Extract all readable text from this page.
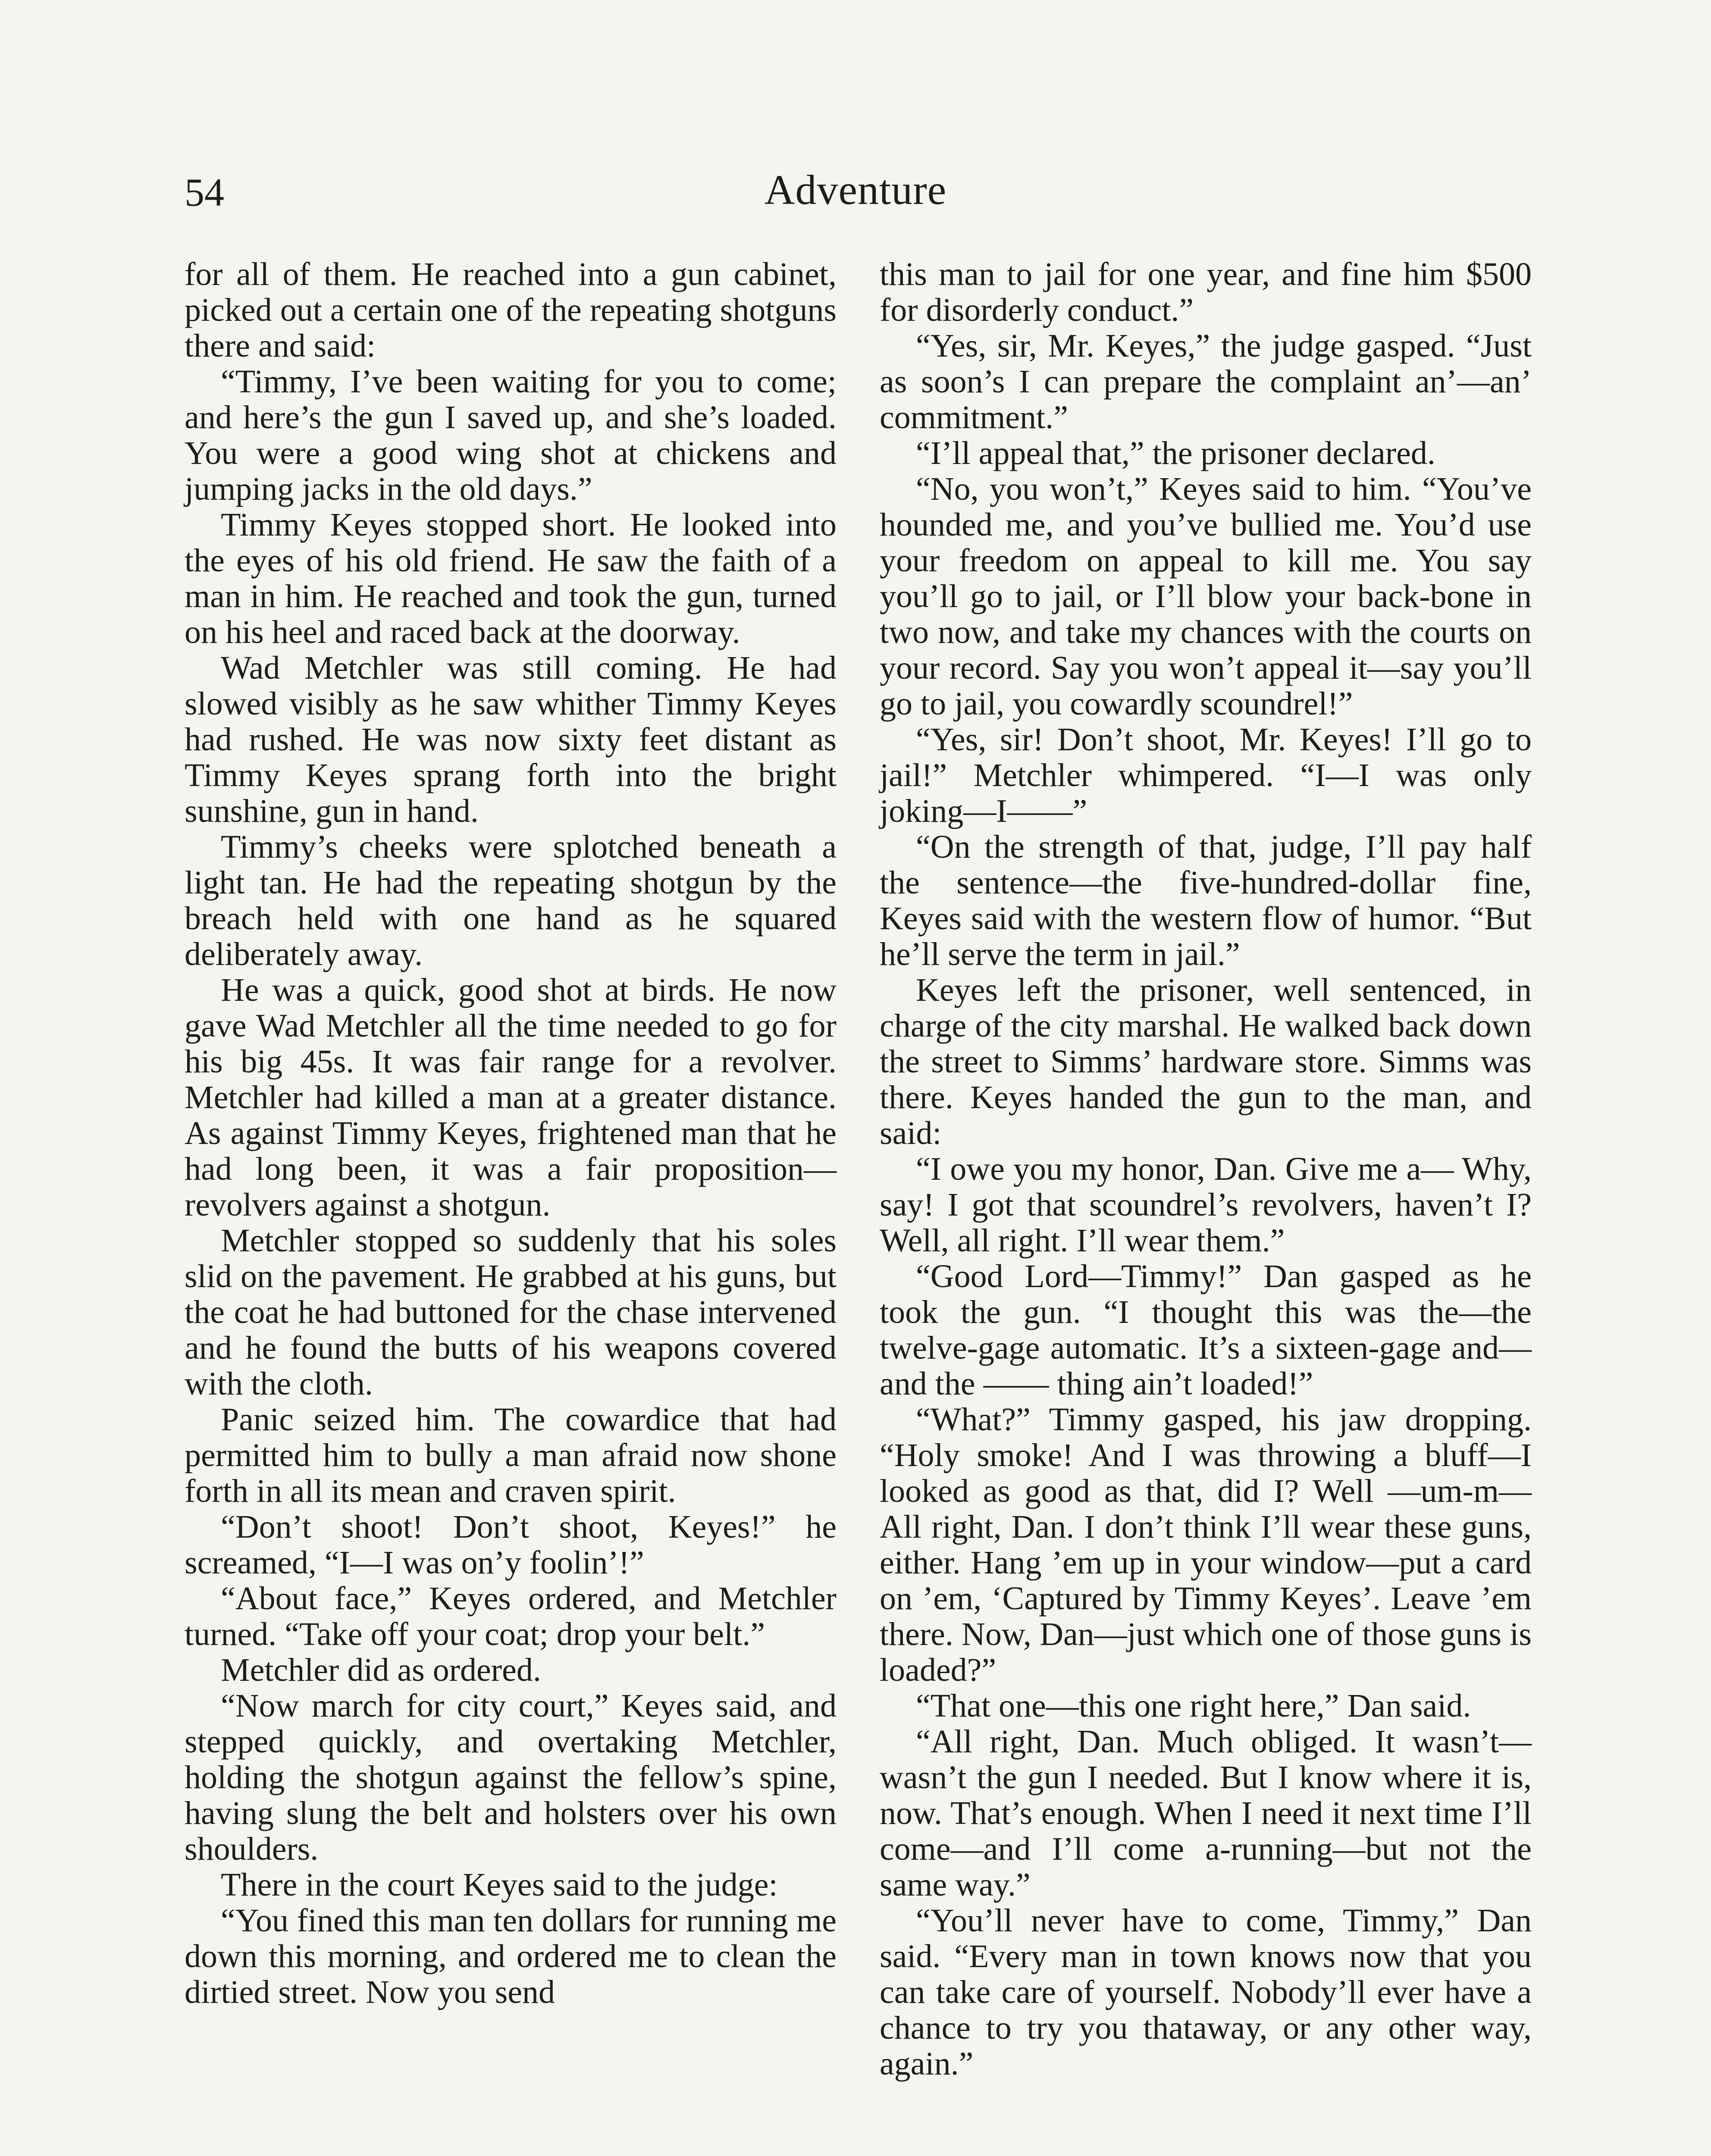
54	Adventure

for all of them. He reached into a gun cabinet, picked out a certain one of the repeating shotguns there and said:

“Timmy, I’ve been waiting for you to come; and here’s the gun I saved up, and she’s loaded. You were a good wing shot at chickens and jumping jacks in the old days.”

Timmy Keyes stopped short. He looked into the eyes of his old friend. He saw the faith of a man in him. He reached and took the gun, turned on his heel and raced back at the doorway.

Wad Metchler was still coming. He had slowed visibly as he saw whither Timmy Keyes had rushed. He was now sixty feet distant as Timmy Keyes sprang forth into the bright sunshine, gun in hand.

Timmy’s cheeks were splotched beneath a light tan. He had the repeating shotgun by the breach held with one hand as he squared deliberately away.

He was a quick, good shot at birds. He now gave Wad Metchler all the time needed to go for his big 45s. It was fair range for a revolver. Metchler had killed a man at a greater distance. As against Timmy Keyes, frightened man that he had long been, it was a fair proposition—revolvers against a shotgun.

Metchler stopped so suddenly that his soles slid on the pavement. He grabbed at his guns, but the coat he had buttoned for the chase intervened and he found the butts of his weapons covered with the cloth.

Panic seized him. The cowardice that had permitted him to bully a man afraid now shone forth in all its mean and craven spirit.

“Don’t shoot! Don’t shoot, Keyes!” he screamed, “I—I was on’y foolin’!”

“About face,” Keyes ordered, and Metchler turned. “Take off your coat; drop your belt.”

Metchler did as ordered.

“Now march for city court,” Keyes said, and stepped quickly, and overtaking Metchler, holding the shotgun against the fellow’s spine, having slung the belt and holsters over his own shoulders.

There in the court Keyes said to the judge:

“You fined this man ten dollars for running me down this morning, and ordered me to clean the dirtied street. Now you send

this man to jail for one year, and fine him $500 for disorderly conduct.”

“Yes, sir, Mr. Keyes,” the judge gasped. “Just as soon’s I can prepare the complaint an’—an’ commitment.”

“I’ll appeal that,” the prisoner declared.

“No, you won’t,” Keyes said to him. “You’ve hounded me, and you’ve bullied me. You’d use your freedom on appeal to kill me. You say you’ll go to jail, or I’ll blow your back-bone in two now, and take my chances with the courts on your record. Say you won’t appeal it—say you’ll go to jail, you cowardly scoundrel!”

“Yes, sir! Don’t shoot, Mr. Keyes! I’ll go to jail!” Metchler whimpered. “I—I was only joking—I——”

“On the strength of that, judge, I’ll pay half the sentence—the five-hundred-dollar fine, Keyes said with the western flow of humor. “But he’ll serve the term in jail.”

Keyes left the prisoner, well sentenced, in charge of the city marshal. He walked back down the street to Simms’ hardware store. Simms was there. Keyes handed the gun to the man, and said:

“I owe you my honor, Dan. Give me a— Why, say! I got that scoundrel’s revolvers, haven’t I? Well, all right. I’ll wear them.”

“Good Lord—Timmy!” Dan gasped as he took the gun. “I thought this was the—the twelve-gage automatic. It’s a sixteen-gage and—and the —— thing ain’t loaded!”

“What?” Timmy gasped, his jaw dropping. “Holy smoke! And I was throwing a bluff—I looked as good as that, did I? Well —um-m— All right, Dan. I don’t think I’ll wear these guns, either. Hang ’em up in your window—put a card on ’em, ‘Captured by Timmy Keyes’. Leave ’em there. Now, Dan—just which one of those guns is loaded?”

“That one—this one right here,” Dan said.

“All right, Dan. Much obliged. It wasn’t—wasn’t the gun I needed. But I know where it is, now. That’s enough. When I need it next time I’ll come—and I’ll come a-running—but not the same way.”

“You’ll never have to come, Timmy,” Dan said. “Every man in town knows now that you can take care of yourself. Nobody’ll ever have a chance to try you thataway, or any other way, again.”
